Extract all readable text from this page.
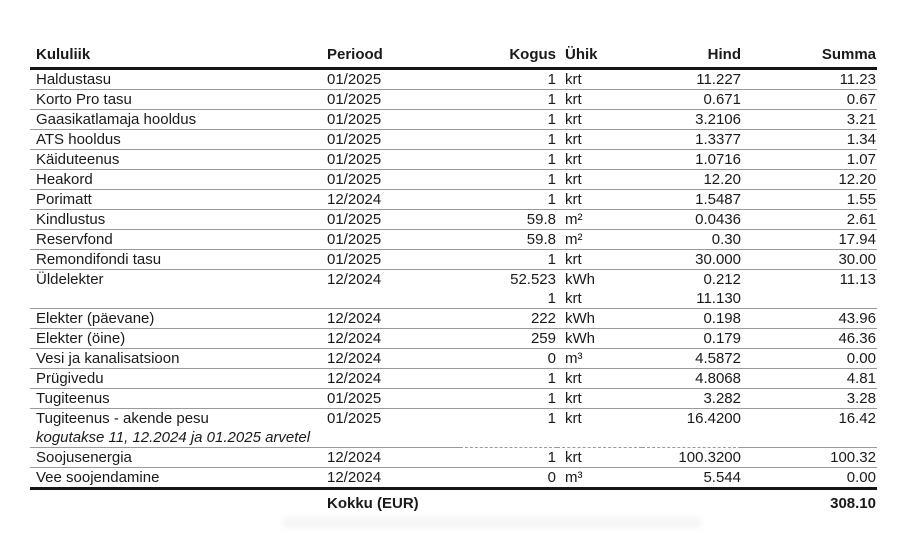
Kululiik	Periood	Kogus	Ühik	Hind	Summa
Haldustasu	01/2025	1	krt	11.227	11.23
Korto Pro tasu	01/2025	1	krt	0.671	0.67
Gaasikatlamaja hooldus	01/2025	1	krt	3.2106	3.21
ATS hooldus	01/2025	1	krt	1.3377	1.34
Käiduteenus	01/2025	1	krt	1.0716	1.07
Heakord	01/2025	1	krt	12.20	12.20
Porimatt	12/2024	1	krt	1.5487	1.55
Kindlustus	01/2025	59.8	m²	0.0436	2.61
Reservfond	01/2025	59.8	m²	0.30	17.94
Remondifondi tasu	01/2025	1	krt	30.000	30.00
Üldelekter	12/2024	52.523	kWh	0.212	11.13
		1	krt	11.130	
Elekter (päevane)	12/2024	222	kWh	0.198	43.96
Elekter (öine)	12/2024	259	kWh	0.179	46.36
Vesi ja kanalisatsioon	12/2024	0	m³	4.5872	0.00
Prügivedu	12/2024	1	krt	4.8068	4.81
Tugiteenus	01/2025	1	krt	3.282	3.28
Tugiteenus - akende pesu	01/2025	1	krt	16.4200	16.42
kogutakse 11, 12.2024 ja 01.2025 arvetel					
Soojusenergia	12/2024	1	krt	100.3200	100.32
Vee soojendamine	12/2024	0	m³	5.544	0.00
	Kokku (EUR)				308.10
